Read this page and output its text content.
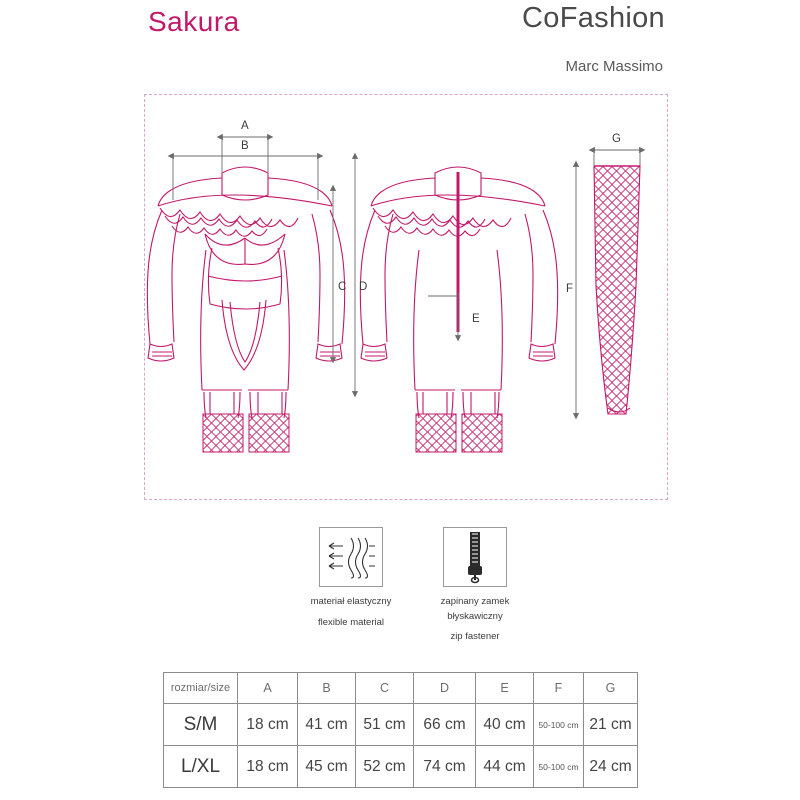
Sakura	CoFashion
Marc Massimo
A
B
C D
E
F
G
materiał elastyczny
flexible material
zapinany zamek
błyskawiczny
zip fastener
rozmiar/size	A	B	C	D	E	F	G
S/M	18 cm	41 cm	51 cm	66 cm	40 cm	50-100 cm	21 cm
L/XL	18 cm	45 cm	52 cm	74 cm	44 cm	50-100 cm	24 cm
